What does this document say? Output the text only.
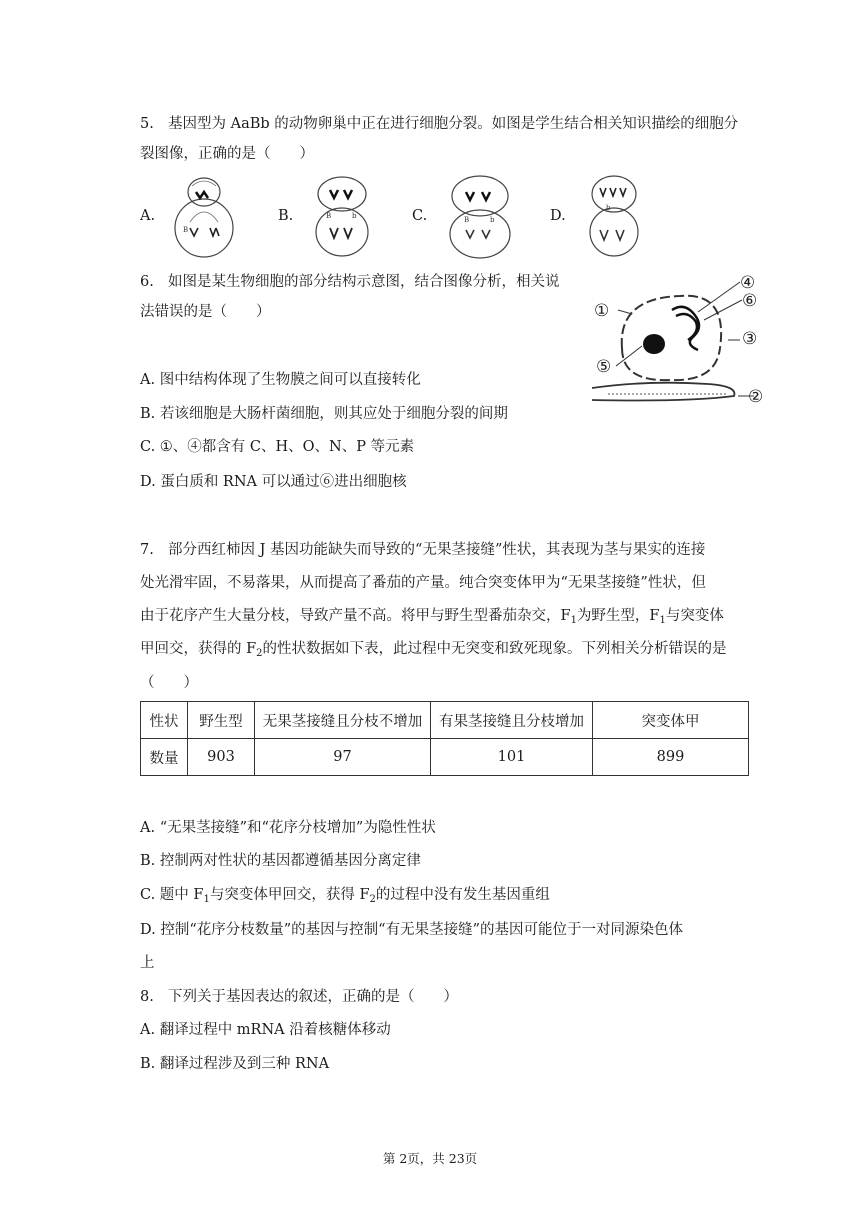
5. 基因型为 AaBb 的动物卵巢中正在进行细胞分裂。如图是学生结合相关知识描绘的细胞分
裂图像，正确的是（　　）
A.
B
B.	B	b	C.	B	b	D.	b
6. 如图是某生物细胞的部分结构示意图，结合图像分析，相关说
法错误的是（　　）	①
②
③
④
⑤
⑥
A. 图中结构体现了生物膜之间可以直接转化
B. 若该细胞是大肠杆菌细胞，则其应处于细胞分裂的间期
C. ①、④都含有 C、H、O、N、P 等元素
D. 蛋白质和 RNA 可以通过⑥进出细胞核
7. 部分西红柿因 J 基因功能缺失而导致的“无果茎接缝”性状，其表现为茎与果实的连接
处光滑牢固，不易落果，从而提高了番茄的产量。纯合突变体甲为“无果茎接缝”性状，但
由于花序产生大量分枝，导致产量不高。将甲与野生型番茄杂交，$F_1$为野生型，$F_1$与突变体
甲回交，获得的 $F_2$的性状数据如下表，此过程中无突变和致死现象。下列相关分析错误的是
（　　）
性状	野生型	无果茎接缝且分枝不增加	有果茎接缝且分枝增加	突变体甲
数量	903	97	101	899
A. “无果茎接缝”和“花序分枝增加”为隐性性状
B. 控制两对性状的基因都遵循基因分离定律
C. 题中 $F_1$与突变体甲回交，获得 $F_2$的过程中没有发生基因重组
D. 控制“花序分枝数量”的基因与控制“有无果茎接缝”的基因可能位于一对同源染色体
上
8. 下列关于基因表达的叙述，正确的是（　　）
A. 翻译过程中 mRNA 沿着核糖体移动
B. 翻译过程涉及到三种 RNA
第 2页，共 23页
